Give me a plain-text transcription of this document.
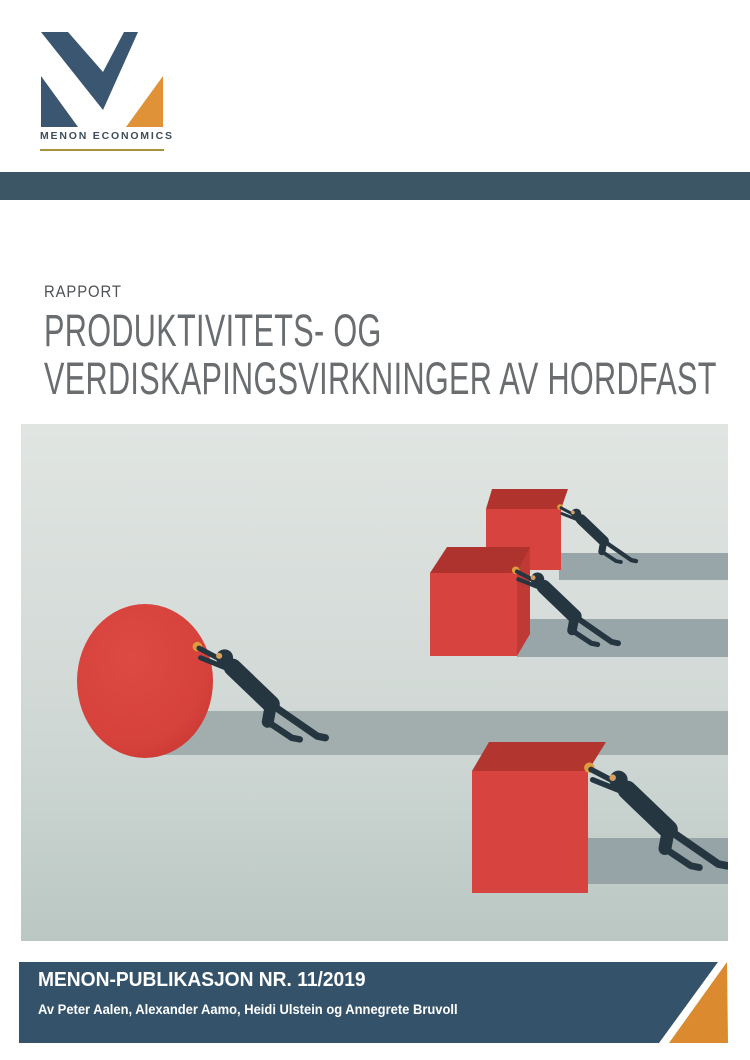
MENON ECONOMICS
RAPPORT
PRODUKTIVITETS- OG
VERDISKAPINGSVIRKNINGER AV HORDFAST
MENON-PUBLIKASJON NR. 11/2019
Av Peter Aalen, Alexander Aamo, Heidi Ulstein og Annegrete Bruvoll
